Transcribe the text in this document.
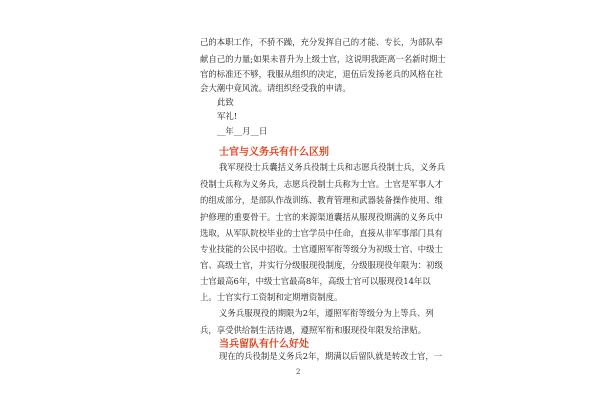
己的本职工作，不骄不躁，充分发挥自己的才能、专长，为部队奉
献自己的力量;如果未晋升为上级士官，这说明我距离一名新时期士
官的标准还不够，我服从组织的决定，退伍后发扬老兵的风格在社
会大潮中竟风流。请组织经受我的申请。
此致
军礼!
__年__月__日
士官与义务兵有什么区别
我军现役士兵囊括义务兵役制士兵和志愿兵役制士兵，义务兵
役制士兵称为义务兵，志愿兵役制士兵称为士官。士官是军事人才
的组成部分，是部队作战训练、教育管理和武器装备操作使用、维
护修理的重要骨干。士官的来源渠道囊括从服现役期满的义务兵中
选取，从军队院校毕业的士官学员中任命，直接从非军事部门具有
专业技能的公民中招收。士官遵照军衔等级分为初级士官、中级士
官、高级士官，并实行分级服现役制度，分级服现役年限为：初级
士官最高6年，中级士官最高8年，高级士官可以服现役14年以
上。士官实行工资制和定期增资制度。
义务兵服现役的期限为2年，遵照军衔等级分为上等兵、列
兵，享受供给制生活待遇，遵照军衔和服现役年限发给津贴。
当兵留队有什么好处
现在的兵役制是义务兵2年，期满以后留队就是转改士官，一
2
